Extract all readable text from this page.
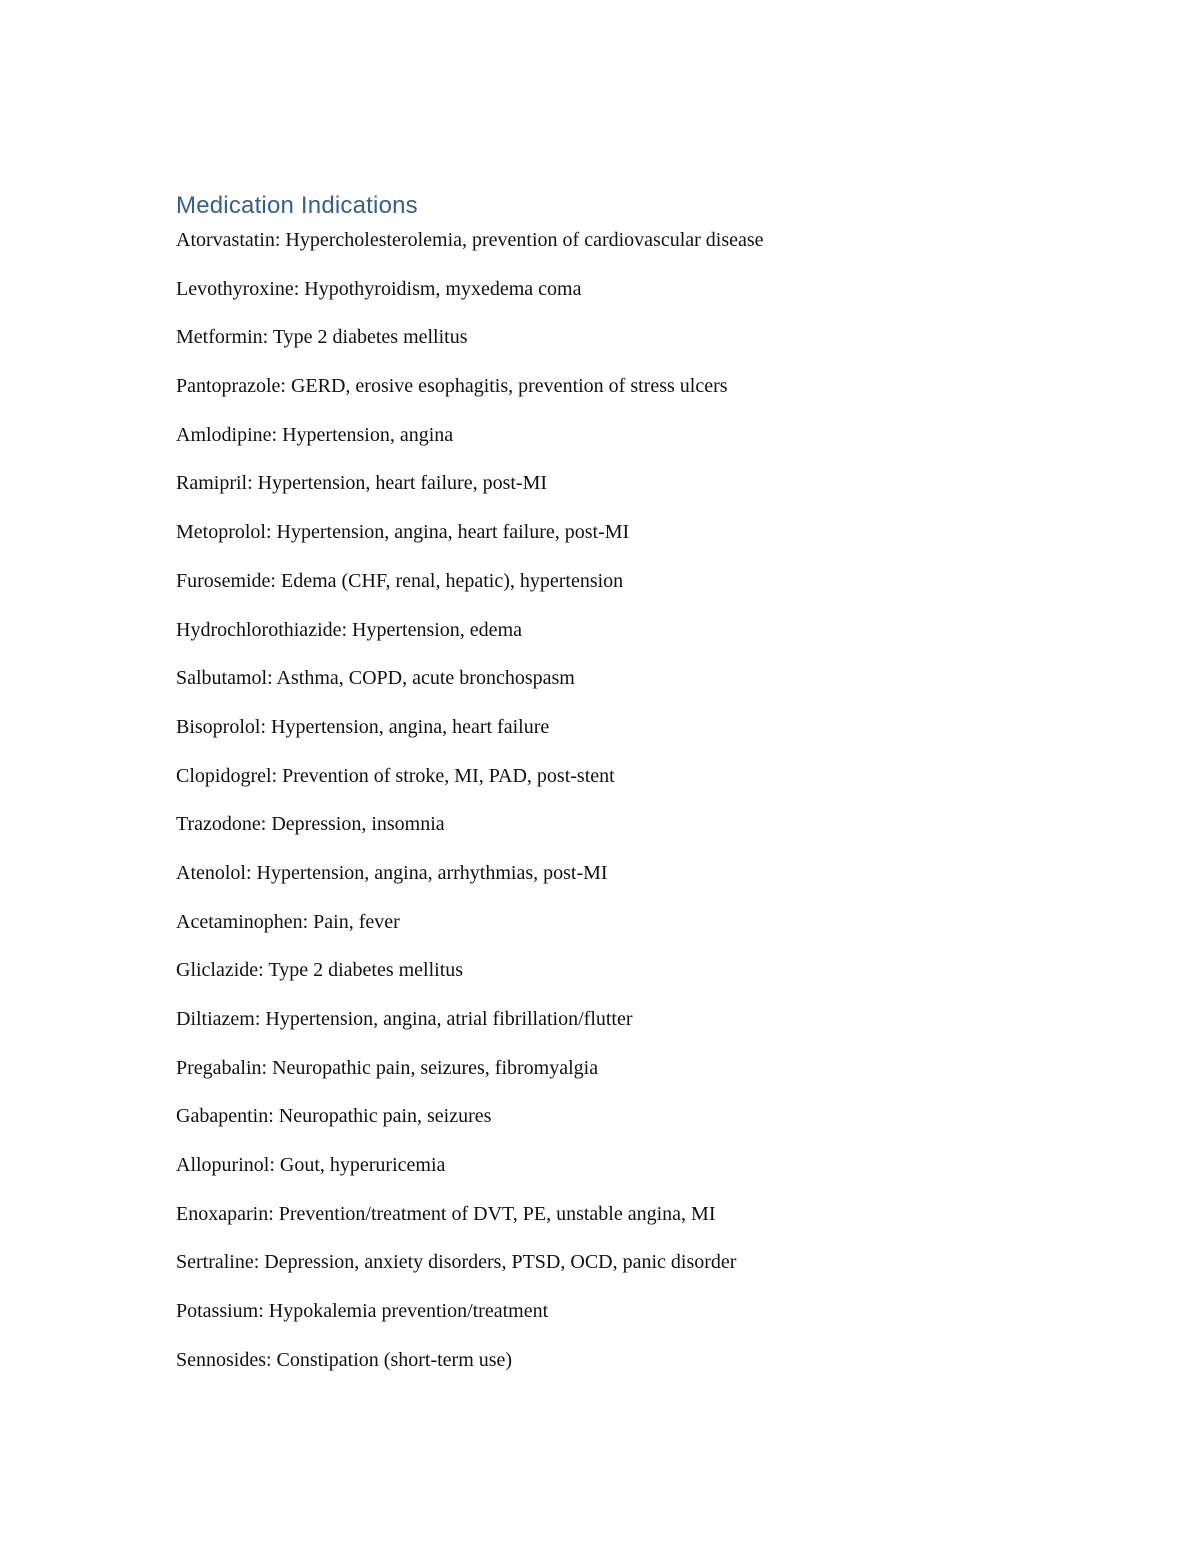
Medication Indications
Atorvastatin: Hypercholesterolemia, prevention of cardiovascular disease
Levothyroxine: Hypothyroidism, myxedema coma
Metformin: Type 2 diabetes mellitus
Pantoprazole: GERD, erosive esophagitis, prevention of stress ulcers
Amlodipine: Hypertension, angina
Ramipril: Hypertension, heart failure, post-MI
Metoprolol: Hypertension, angina, heart failure, post-MI
Furosemide: Edema (CHF, renal, hepatic), hypertension
Hydrochlorothiazide: Hypertension, edema
Salbutamol: Asthma, COPD, acute bronchospasm
Bisoprolol: Hypertension, angina, heart failure
Clopidogrel: Prevention of stroke, MI, PAD, post-stent
Trazodone: Depression, insomnia
Atenolol: Hypertension, angina, arrhythmias, post-MI
Acetaminophen: Pain, fever
Gliclazide: Type 2 diabetes mellitus
Diltiazem: Hypertension, angina, atrial fibrillation/flutter
Pregabalin: Neuropathic pain, seizures, fibromyalgia
Gabapentin: Neuropathic pain, seizures
Allopurinol: Gout, hyperuricemia
Enoxaparin: Prevention/treatment of DVT, PE, unstable angina, MI
Sertraline: Depression, anxiety disorders, PTSD, OCD, panic disorder
Potassium: Hypokalemia prevention/treatment
Sennosides: Constipation (short-term use)
